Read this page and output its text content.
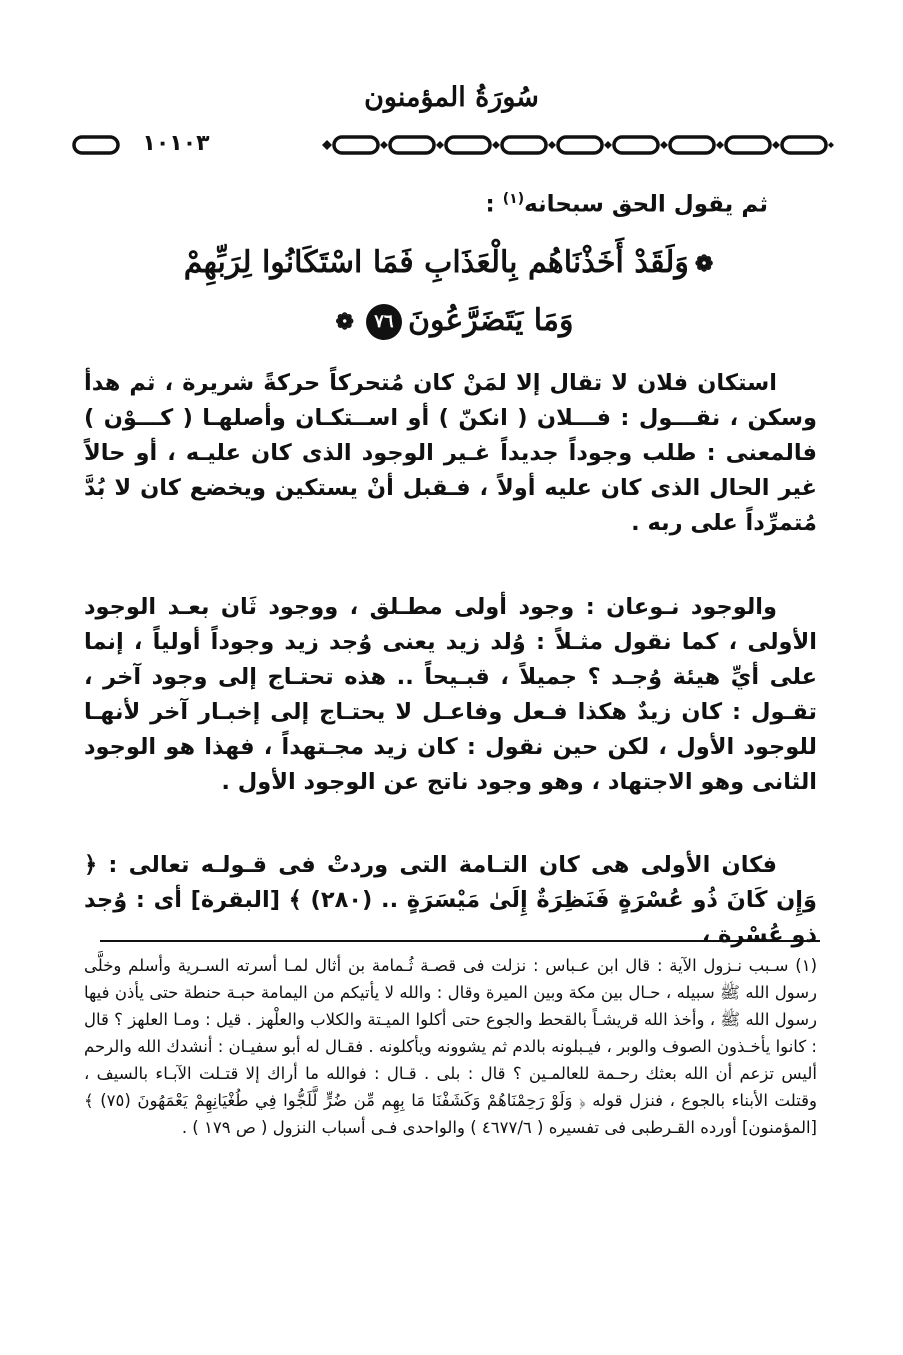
سُورَةُ المؤمنون
١٠١٠٣
ثم يقول الحق سبحانه$^{(١)}$ :
❁وَلَقَدْ أَخَذْنَاهُم بِالْعَذَابِ فَمَا اسْتَكَانُوا لِرَبِّهِمْ
وَمَا يَتَضَرَّعُونَ٧٦❁

استكان فلان لا تقال إلا لمَنْ كان مُتحركاً حركةً شريرة ، ثم هدأ وسكن ، نقـــول : فـــلان ( انكنّ ) أو اســتكـان وأصلهـا ( كـــوْن ) فالمعنى : طلب وجوداً جديداً غـير الوجود الذى كان عليـه ، أو حالاً غير الحال الذى كان عليه أولاً ، فـقبل أنْ يستكين ويخضع كان لا بُدَّ مُتمرِّداً على ربه .

والوجود نـوعان : وجود أولى مطـلق ، ووجود ثَان بعـد الوجود الأولى ، كما نقول مثـلاً : وُلد زيد يعنى وُجد زيد وجوداً أولياً ، إنما على أيِّ هيئة وُجـد ؟ جميلاً ، قبـيحاً .. هذه تحتـاج إلى وجود آخر ، تقـول : كان زيدٌ هكذا فـعل وفاعـل لا يحتـاج إلى إخبـار آخر لأنهـا للوجود الأول ، لكن حين نقول : كان زيد مجـتهداً ، فهذا هو الوجود الثانى وهو الاجتهاد ، وهو وجود ناتج عن الوجود الأول .

فكان الأولى هى كان التـامة التى وردتْ فى قـولـه تعالى : ﴿ وَإِن كَانَ ذُو عُسْرَةٍ فَنَظِرَةٌ إِلَىٰ مَيْسَرَةٍ .. (٢٨٠) ﴾ [البقرة] أى : وُجد ذو عُسْرة ،

(١) سـبب نـزول الآية : قال ابن عـباس : نزلت فى قصـة ثُـمامة بن أثال لمـا أسرته السـرية وأسلم وخلَّى رسول الله ﷺ سبيله ، حـال بين مكة وبين الميرة وقال : والله لا يأتيكم من اليمامة حبـة حنطة حتى يأذن فيها رسول الله ﷺ ، وأخذ الله قريشـاً بالقحط والجوع حتى أكلوا الميـتة والكلاب والعلْهز . قيل : ومـا العلهز ؟ قال : كانوا يأخـذون الصوف والوبر ، فيـبلونه بالدم ثم يشوونه ويأكلونه . فقـال له أبو سفيـان : أنشدك الله والرحم أليس تزعم أن الله بعثك رحـمة للعالمـين ؟ قال : بلى . قـال : فوالله ما أراك إلا قتـلت الآبـاء بالسيف ، وقتلت الأبناء بالجوع ، فنزل قوله ﴿ وَلَوْ رَحِمْنَاهُمْ وَكَشَفْنَا مَا بِهِم مِّن ضُرٍّ لَّلَجُّوا فِي طُغْيَانِهِمْ يَعْمَهُونَ (٧٥) ﴾ [المؤمنون] أورده القـرطبى فى تفسيره ( ٤٦٧٧/٦ ) والواحدى فـى أسباب النزول ( ص ١٧٩ ) .
